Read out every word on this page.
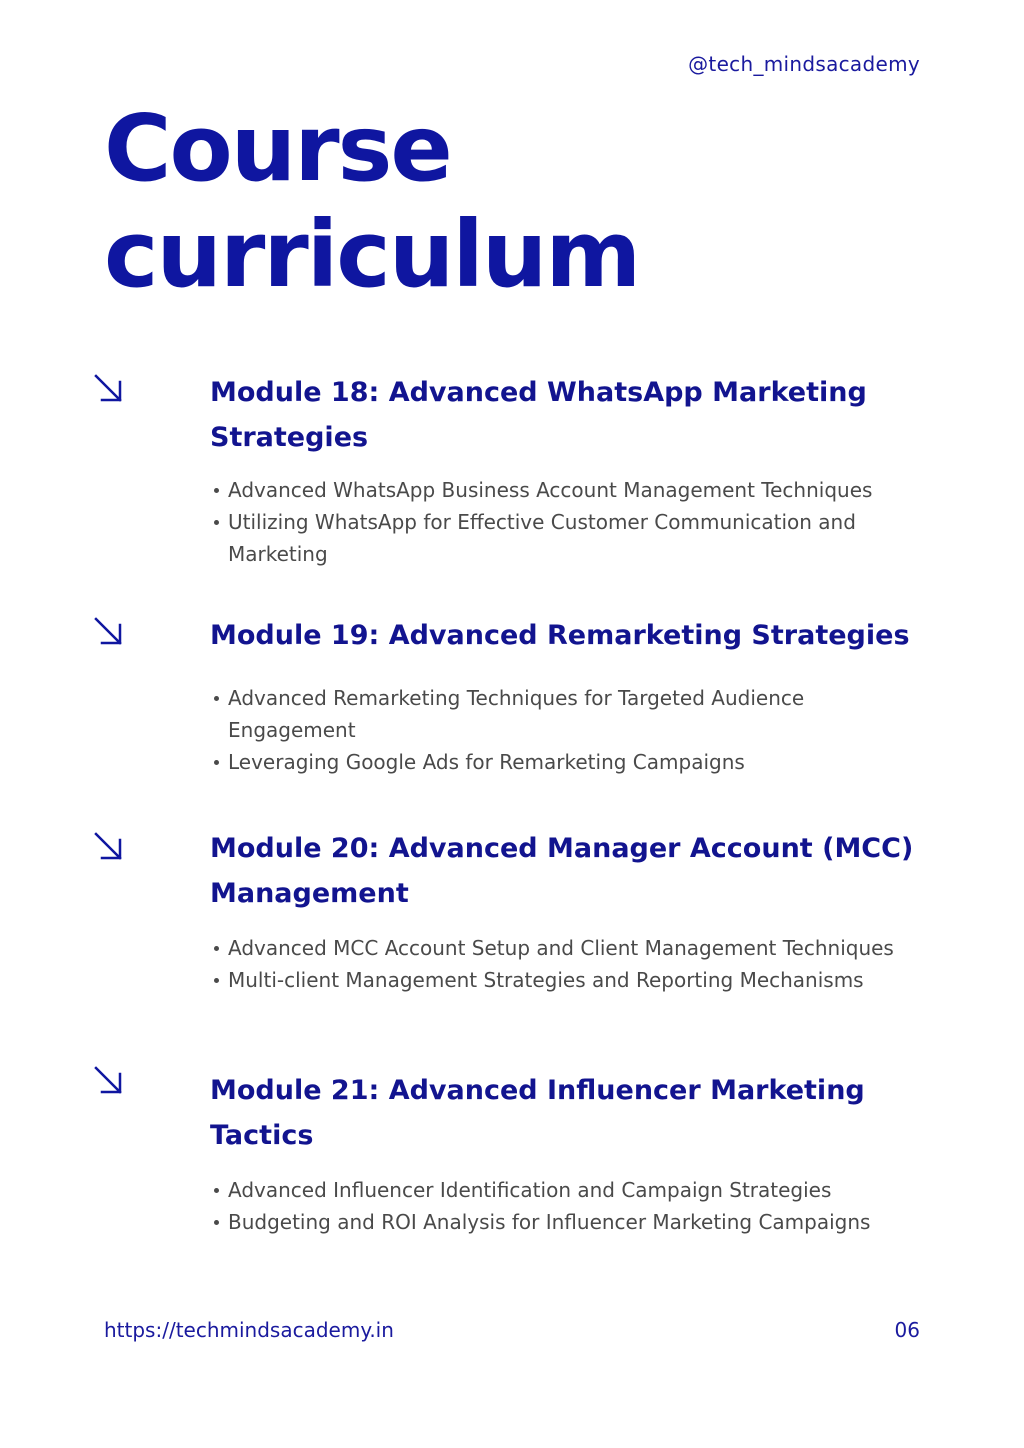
@tech_mindsacademy
Course
curriculum
Module 18: Advanced WhatsApp Marketing Strategies
Advanced WhatsApp Business Account Management Techniques
Utilizing WhatsApp for Effective Customer Communication and Marketing
Module 19: Advanced Remarketing Strategies
Advanced Remarketing Techniques for Targeted Audience Engagement
Leveraging Google Ads for Remarketing Campaigns
Module 20: Advanced Manager Account (MCC) Management
Advanced MCC Account Setup and Client Management Techniques
Multi-client Management Strategies and Reporting Mechanisms
Module 21: Advanced Influencer Marketing Tactics
Advanced Influencer Identification and Campaign Strategies
Budgeting and ROI Analysis for Influencer Marketing Campaigns
https://techmindsacademy.in	06
